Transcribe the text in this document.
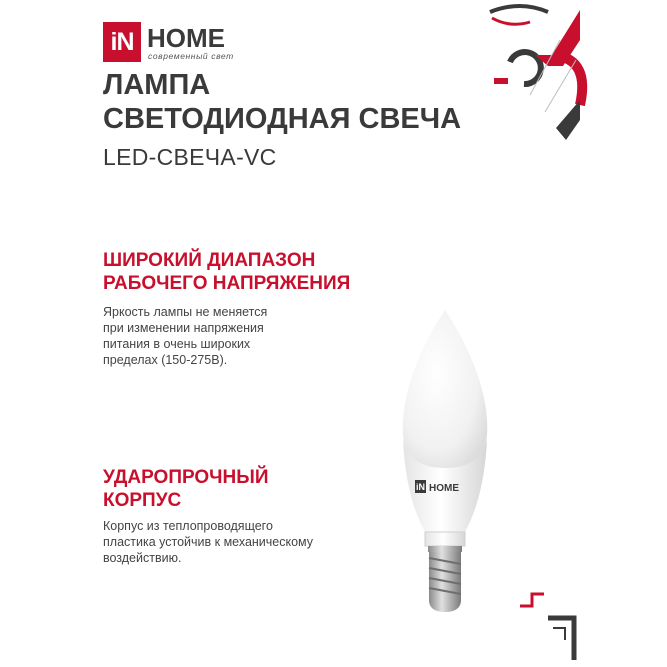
iN HOME
современный свет
ЛАМПА
СВЕТОДИОДНАЯ СВЕЧА
LED-СВЕЧА-VC
ШИРОКИЙ ДИАПАЗОН
РАБОЧЕГО НАПРЯЖЕНИЯ
Яркость лампы не меняется
при изменении напряжения
питания в очень широких
пределах (150-275В).
УДАРОПРОЧНЫЙ
КОРПУС
Корпус из теплопроводящего
пластика устойчив к механическому
воздействию.
iN HOME
